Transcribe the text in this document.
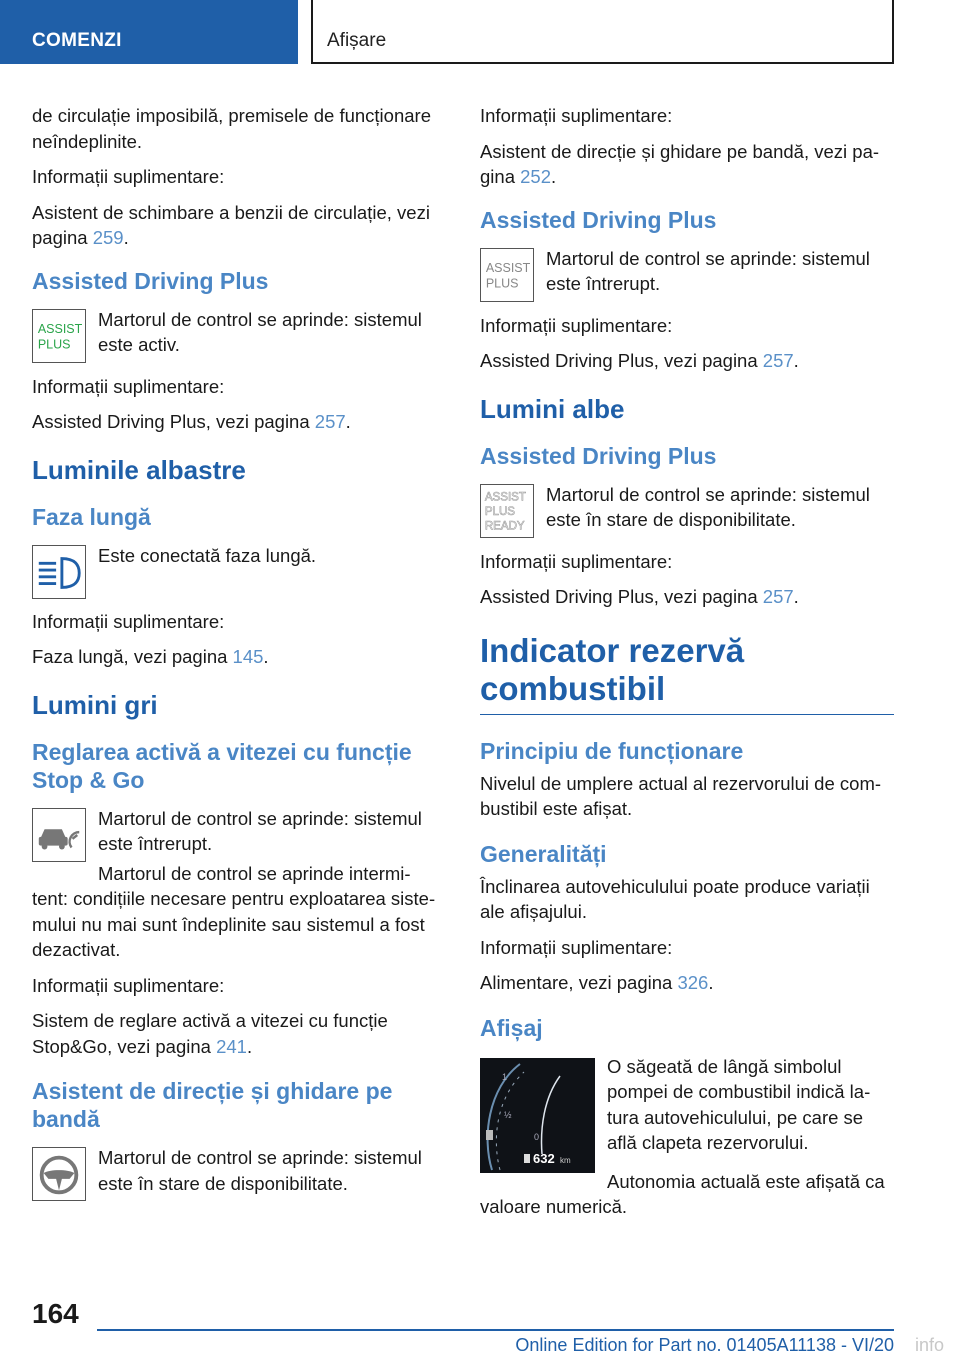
COMENZI	Afișare

de circulație imposibilă, premisele de funcționare neîndeplinite.

Informații suplimentare:

Asistent de schimbare a benzii de circulație, vezi pagina 259.

Assisted Driving Plus
ASSIST
PLUS

Martorul de control se aprinde: sistemul este activ.

Informații suplimentare:

Assisted Driving Plus, vezi pagina 257.

Luminile albastre
Faza lungă

Este conectată faza lungă.

Informații suplimentare:

Faza lungă, vezi pagina 145.

Lumini gri
Reglarea activă a vitezei cu funcție Stop & Go

Martorul de control se aprinde: sistemul este întrerupt.

Martorul de control se aprinde intermi-tent: condițiile necesare pentru exploatarea siste-mului nu mai sunt îndeplinite sau sistemul a fost dezactivat.

Informații suplimentare:

Sistem de reglare activă a vitezei cu funcție Stop&Go, vezi pagina 241.

Asistent de direcție și ghidare pe bandă

Martorul de control se aprinde: sistemul este în stare de disponibilitate.

Informații suplimentare:

Asistent de direcție și ghidare pe bandă, vezi pa-gina 252.

Assisted Driving Plus
ASSIST
PLUS

Martorul de control se aprinde: sistemul este întrerupt.

Informații suplimentare:

Assisted Driving Plus, vezi pagina 257.

Lumini albe
Assisted Driving Plus
ASSIST
PLUS
READY

Martorul de control se aprinde: sistemul este în stare de disponibilitate.

Informații suplimentare:

Assisted Driving Plus, vezi pagina 257.

Indicator rezervă combustibil
Principiu de funcționare

Nivelul de umplere actual al rezervorului de com-bustibil este afișat.

Generalități

Înclinarea autovehiculului poate produce variații ale afișajului.

Informații suplimentare:

Alimentare, vezi pagina 326.

Afișaj
1
½
0
632 km

O săgeată de lângă simbolul pompei de combustibil indică la-tura autovehiculului, pe care se află clapeta rezervorului.

Autonomia actuală este afișată ca valoare numerică.

164
Online Edition for Part no. 01405A11138 - VI/20 info
